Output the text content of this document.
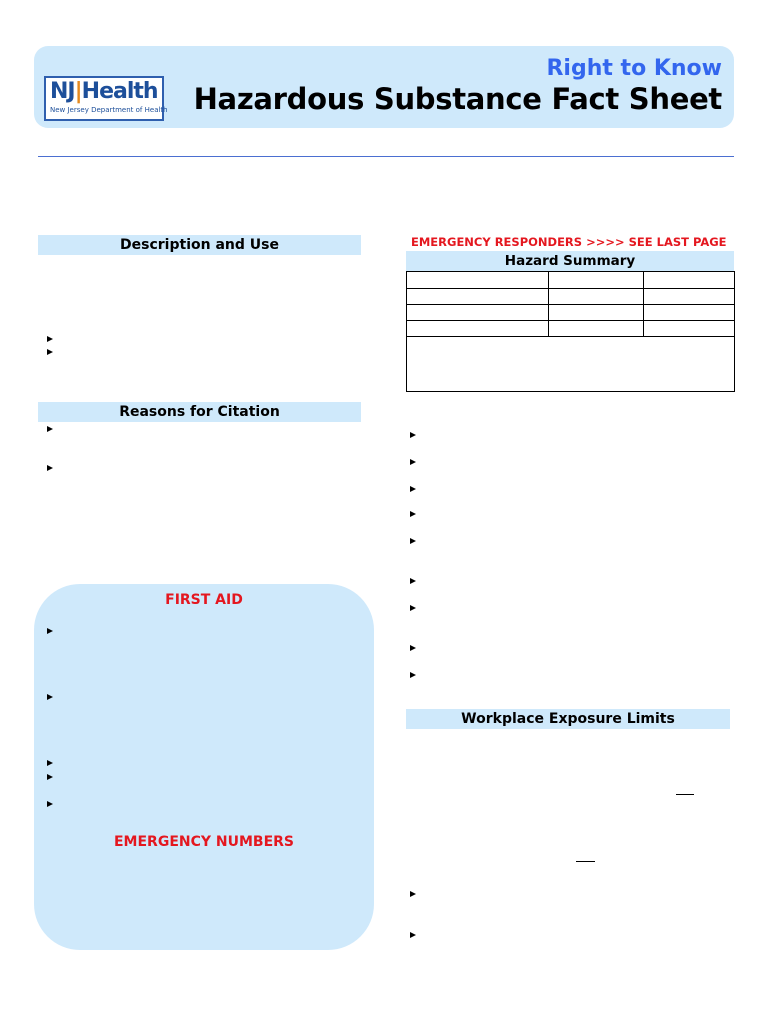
NJ|Health
New Jersey Department of Health
Right to Know
Hazardous Substance Fact Sheet
Description and Use
Reasons for Citation
FIRST AID
EMERGENCY NUMBERS
EMERGENCY RESPONDERS >>>> SEE LAST PAGE
Hazard Summary
Workplace Exposure Limits
